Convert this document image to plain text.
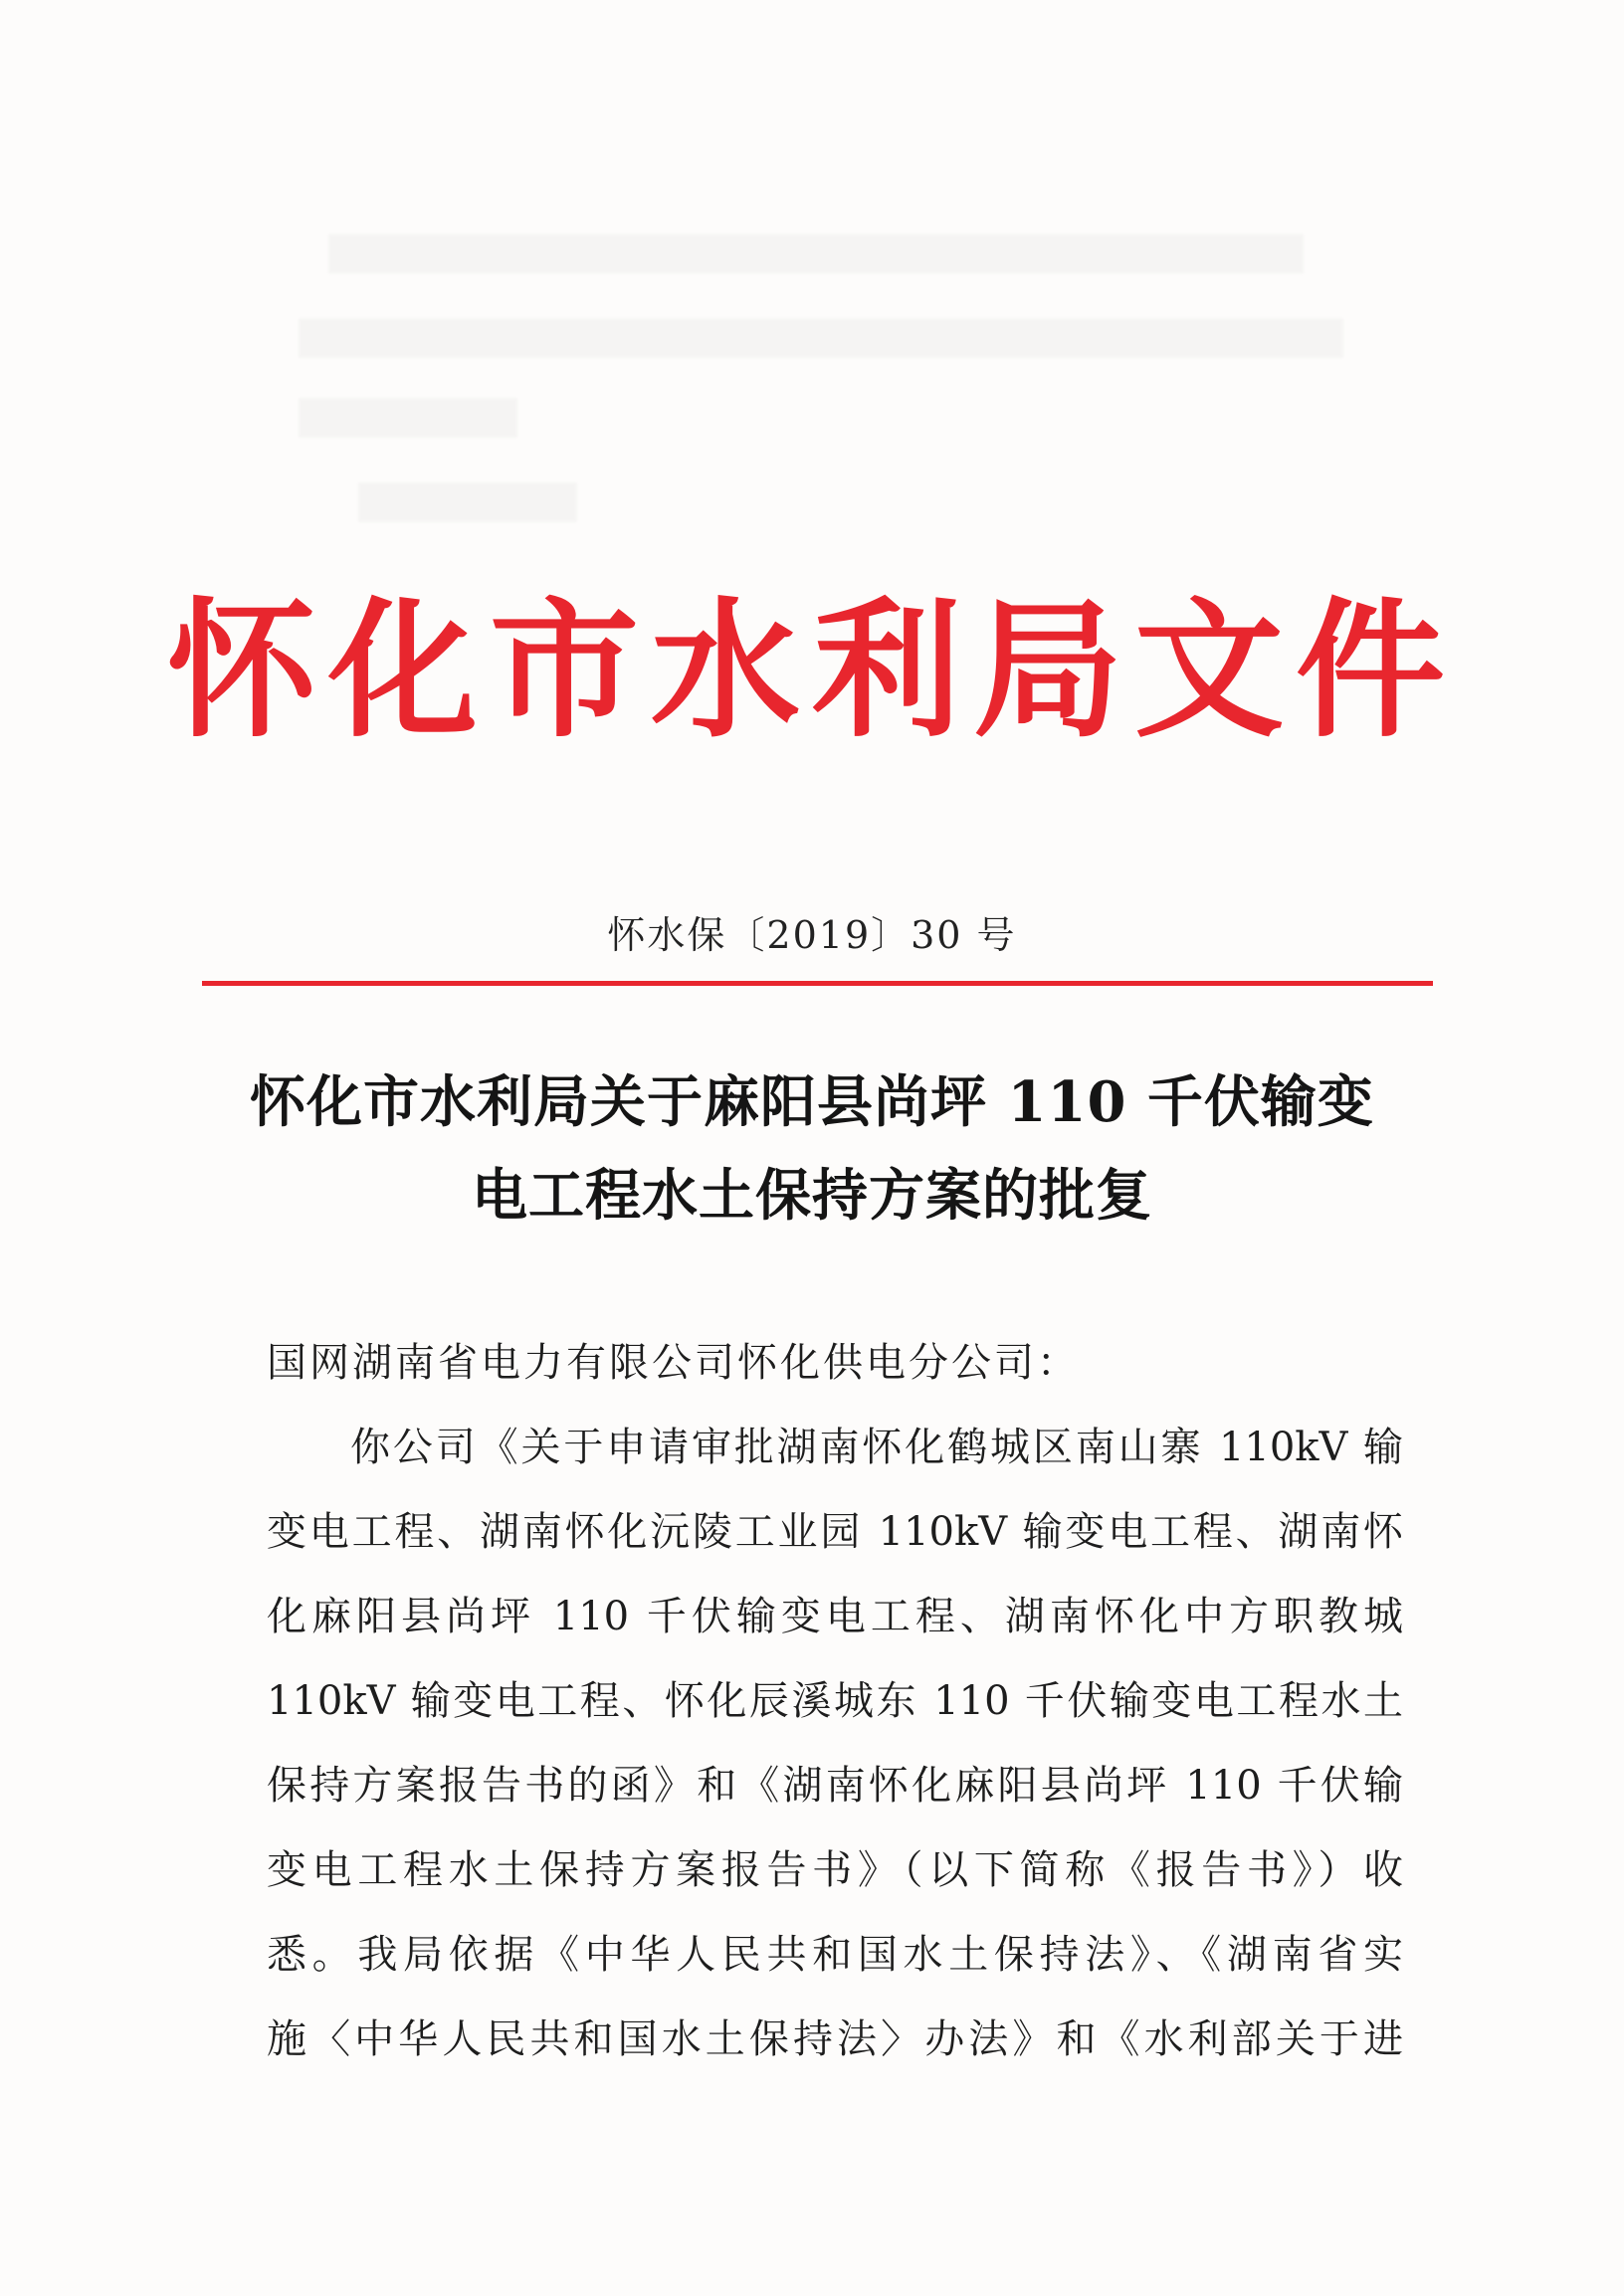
怀化市水利局文件
怀水保〔2019〕30 号
怀化市水利局关于麻阳县尚坪 110 千伏输变
电工程水土保持方案的批复
国网湖南省电力有限公司怀化供电分公司：
你公司《关于申请审批湖南怀化鹤城区南山寨 110kV 输
变电工程、湖南怀化沅陵工业园 110kV 输变电工程、湖南怀
化麻阳县尚坪 110 千伏输变电工程、湖南怀化中方职教城
110kV 输变电工程、怀化辰溪城东 110 千伏输变电工程水土
保持方案报告书的函》和《湖南怀化麻阳县尚坪 110 千伏输
变电工程水土保持方案报告书》（以下简称《报告书》）收
悉。我局依据《中华人民共和国水土保持法》、《湖南省实
施〈中华人民共和国水土保持法〉办法》和《水利部关于进
